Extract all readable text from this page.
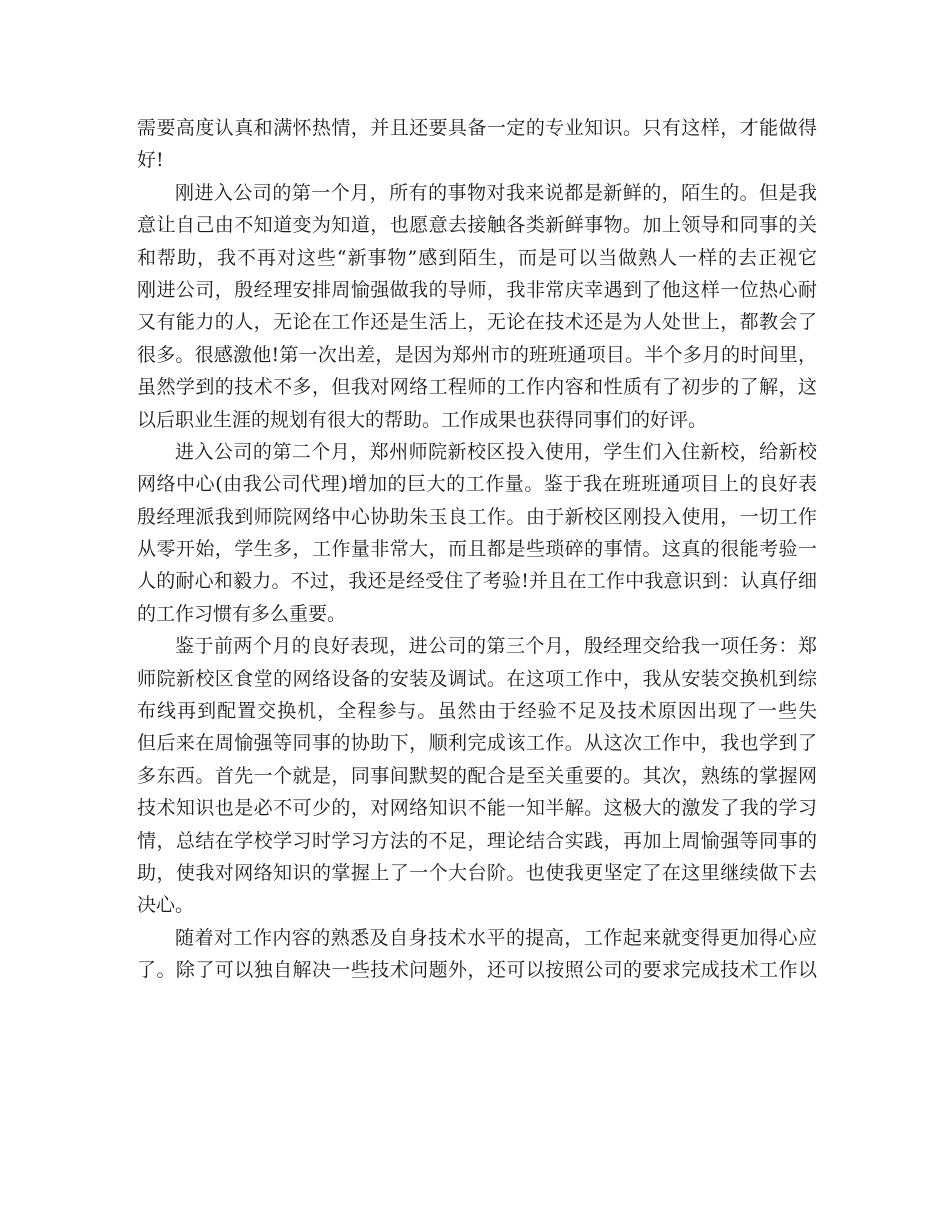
需要高度认真和满怀热情，并且还要具备一定的专业知识。只有这样，才能做得
好!
刚进入公司的第一个月，所有的事物对我来说都是新鲜的，陌生的。但是我
意让自己由不知道变为知道，也愿意去接触各类新鲜事物。加上领导和同事的关
和帮助，我不再对这些“新事物”感到陌生，而是可以当做熟人一样的去正视它
刚进公司，殷经理安排周愉强做我的导师，我非常庆幸遇到了他这样一位热心耐
又有能力的人，无论在工作还是生活上，无论在技术还是为人处世上，都教会了
很多。很感激他!第一次出差，是因为郑州市的班班通项目。半个多月的时间里，
虽然学到的技术不多，但我对网络工程师的工作内容和性质有了初步的了解，这
以后职业生涯的规划有很大的帮助。工作成果也获得同事们的好评。
进入公司的第二个月，郑州师院新校区投入使用，学生们入住新校，给新校
网络中心(由我公司代理)增加的巨大的工作量。鉴于我在班班通项目上的良好表
殷经理派我到师院网络中心协助朱玉良工作。由于新校区刚投入使用，一切工作
从零开始，学生多，工作量非常大，而且都是些琐碎的事情。这真的很能考验一
人的耐心和毅力。不过，我还是经受住了考验!并且在工作中我意识到：认真仔细
的工作习惯有多么重要。
鉴于前两个月的良好表现，进公司的第三个月，殷经理交给我一项任务：郑
师院新校区食堂的网络设备的安装及调试。在这项工作中，我从安装交换机到综
布线再到配置交换机，全程参与。虽然由于经验不足及技术原因出现了一些失
但后来在周愉强等同事的协助下，顺利完成该工作。从这次工作中，我也学到了
多东西。首先一个就是，同事间默契的配合是至关重要的。其次，熟练的掌握网
技术知识也是必不可少的，对网络知识不能一知半解。这极大的激发了我的学习
情，总结在学校学习时学习方法的不足，理论结合实践，再加上周愉强等同事的
助，使我对网络知识的掌握上了一个大台阶。也使我更坚定了在这里继续做下去
决心。
随着对工作内容的熟悉及自身技术水平的提高，工作起来就变得更加得心应
了。除了可以独自解决一些技术问题外，还可以按照公司的要求完成技术工作以
